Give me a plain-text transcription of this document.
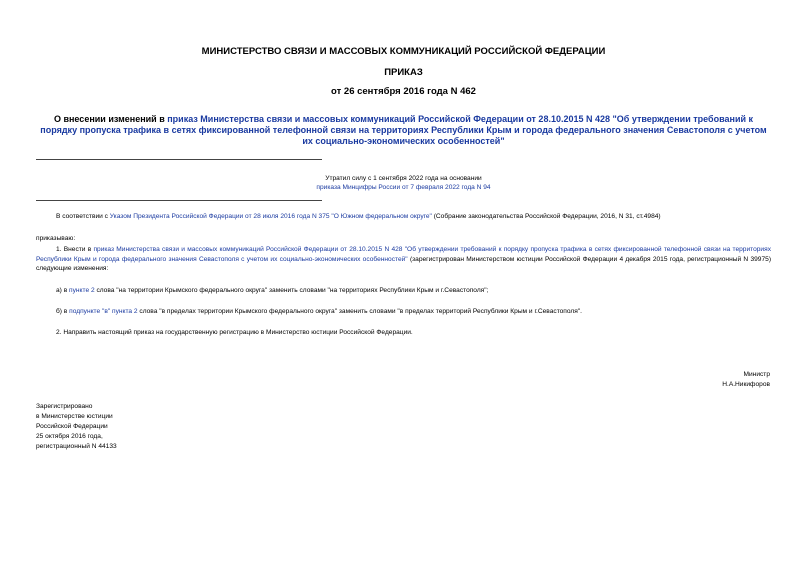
МИНИСТЕРСТВО СВЯЗИ И МАССОВЫХ КОММУНИКАЦИЙ РОССИЙСКОЙ ФЕДЕРАЦИИ
ПРИКАЗ
от 26 сентября 2016 года N 462
О внесении изменений в приказ Министерства связи и массовых коммуникаций Российской Федерации от 28.10.2015 N 428 "Об утверждении требований к порядку пропуска трафика в сетях фиксированной телефонной связи на территориях Республики Крым и города федерального значения Севастополя с учетом их социально-экономических особенностей"
Утратил силу с 1 сентября 2022 года на основании
приказа Минцифры России от 7 февраля 2022 года N 94
В соответствии с Указом Президента Российской Федерации от 28 июля 2016 года N 375 "О Южном федеральном округе" (Собрание законодательства Российской Федерации, 2016, N 31, ст.4984)
приказываю:
1. Внести в приказ Министерства связи и массовых коммуникаций Российской Федерации от 28.10.2015 N 428 "Об утверждении требований к порядку пропуска трафика в сетях фиксированной телефонной связи на территориях Республики Крым и города федерального значения Севастополя с учетом их социально-экономических особенностей" (зарегистрирован Министерством юстиции Российской Федерации 4 декабря 2015 года, регистрационный N 39975) следующие изменения:
а) в пункте 2 слова "на территории Крымского федерального округа" заменить словами "на территориях Республики Крым и г.Севастополя";
б) в подпункте "в" пункта 2 слова "в пределах территории Крымского федерального округа" заменить словами "в пределах территорий Республики Крым и г.Севастополя".
2. Направить настоящий приказ на государственную регистрацию в Министерство юстиции Российской Федерации.
Министр
Н.А.Никифоров
Зарегистрировано
в Министерстве юстиции
Российской Федерации
25 октября 2016 года,
регистрационный N 44133
